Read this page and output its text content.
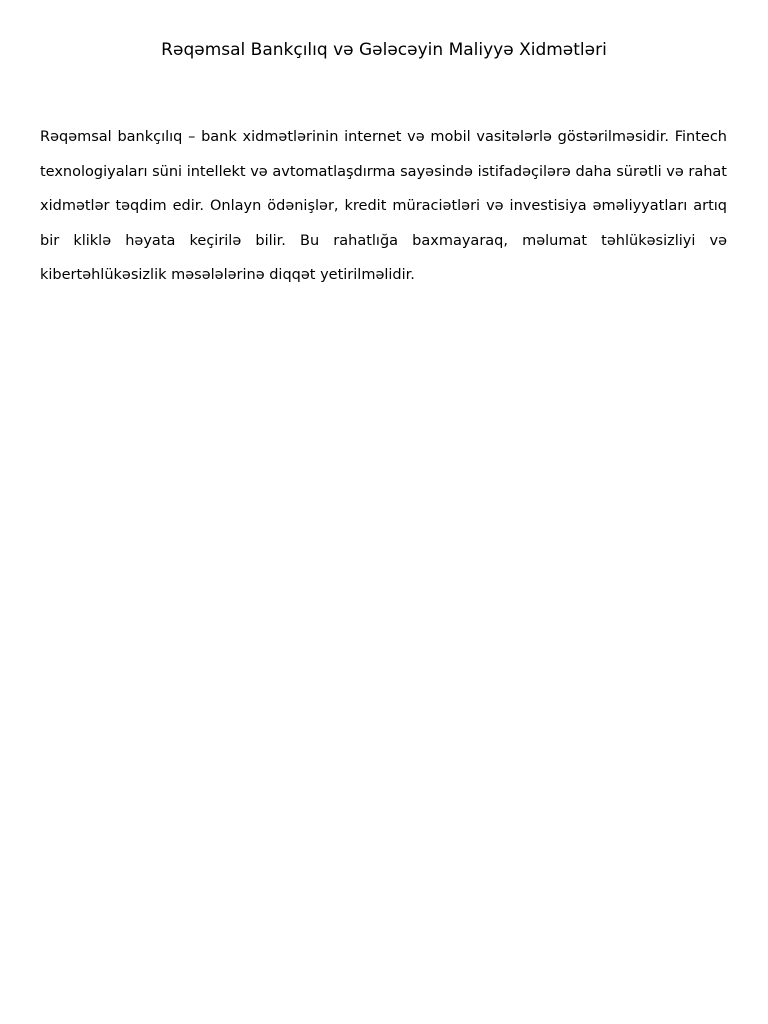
Rəqəmsal Bankçılıq və Gələcəyin Maliyyə Xidmətləri

Rəqəmsal bankçılıq – bank xidmətlərinin internet və mobil vasitələrlə göstərilməsidir. Fintech texnologiyaları süni intellekt və avtomatlaşdırma sayəsində istifadəçilərə daha sürətli və rahat xidmətlər təqdim edir. Onlayn ödənişlər, kredit müraciətləri və investisiya əməliyyatları artıq bir kliklə həyata keçirilə bilir. Bu rahatlığa baxmayaraq, məlumat təhlükəsizliyi və kibertəhlükəsizlik məsələlərinə diqqət yetirilməlidir.
